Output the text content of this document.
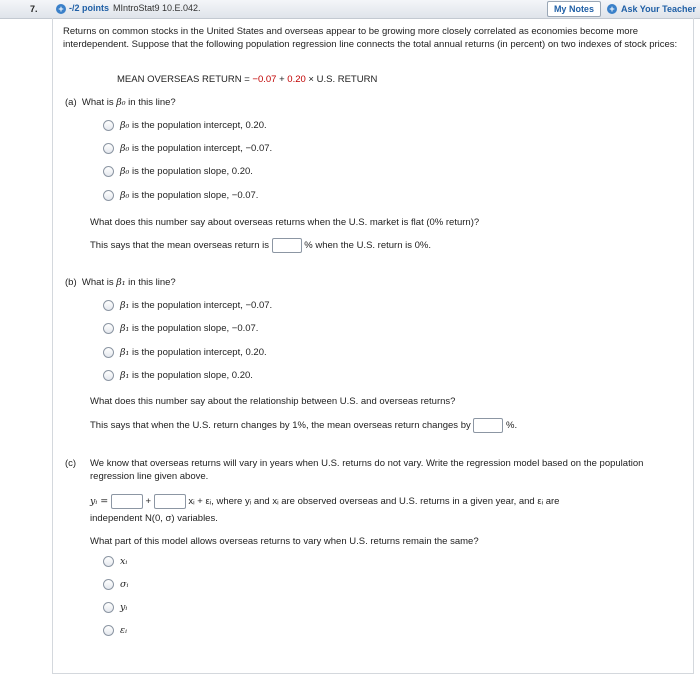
7. + -/2 points MIntroStat9 10.E.042.	My Notes	+ Ask Your Teacher
Returns on common stocks in the United States and overseas appear to be growing more closely correlated as economies become more interdependent. Suppose that the following population regression line connects the total annual returns (in percent) on two indexes of stock prices:
MEAN OVERSEAS RETURN = −0.07 + 0.20 × U.S. RETURN
(a) What is β₀ in this line?
β₀ is the population intercept, 0.20.
β₀ is the population intercept, −0.07.
β₀ is the population slope, 0.20.
β₀ is the population slope, −0.07.
What does this number say about overseas returns when the U.S. market is flat (0% return)?
This says that the mean overseas return is	% when the U.S. return is 0%.
(b) What is β₁ in this line?
β₁ is the population intercept, −0.07.
β₁ is the population slope, −0.07.
β₁ is the population intercept, 0.20.
β₁ is the population slope, 0.20.
What does this number say about the relationship between U.S. and overseas returns?
This says that when the U.S. return changes by 1%, the mean overseas return changes by	%.
(c) We know that overseas returns will vary in years when U.S. returns do not vary. Write the regression model based on the population regression line given above.
yᵢ =	+	xᵢ + εᵢ, where yᵢ and xᵢ are observed overseas and U.S. returns in a given year, and εᵢ are
independent N(0, σ) variables.
What part of this model allows overseas returns to vary when U.S. returns remain the same?
xᵢ
σᵢ
yᵢ
εᵢ
